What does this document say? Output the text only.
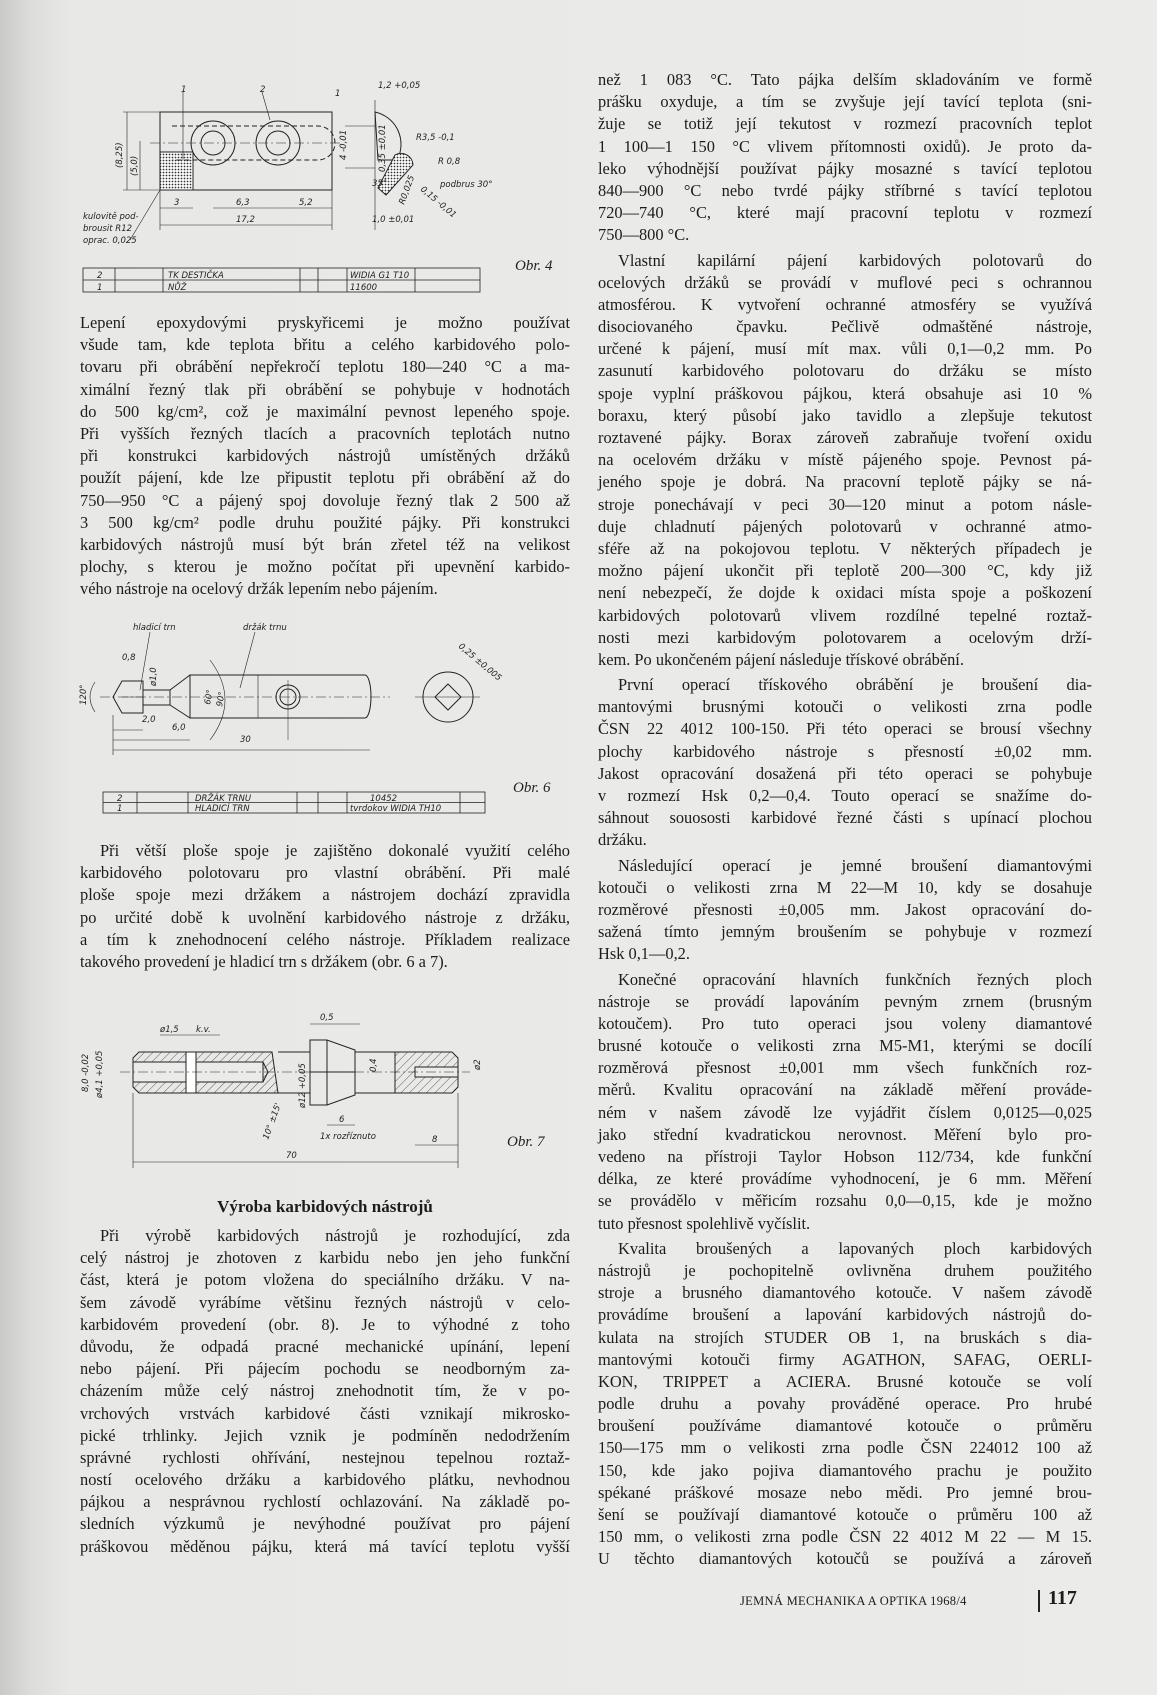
1	2	1
(8,25) (5,0)
3	6,3	5,2
17,2
kulovitě pod-
brousit R12
oprac. 0,025
1,2 +0,05
R3,5 -0,1
R 0,8
podbrus 30°
35°
1,0 ±0,01
4 -0,01	0,35 ±0,01
R0,025 0,15 -0,01
2	TK DESTIČKA	WIDIA G1 T10
1	NŮŽ	11600
Obr. 4
hladicí trn	držák trnu
0,8
ø1,0
120°
2,0
6,0
30
60° 90°
0,25 ±0,005
2	DRŽÁK TRNU	10452
1	HLADICÍ TRN	tvrdokov WIDIA TH10
Obr. 6
ø1,5 k.v.
0,5
8,0 -0,02 ø4,1 +0,05	ø12 +0,05	0,4	ø2
10° ±15'	6
1x rozříznuto	8
70
Obr. 7
Lepení epoxydovými pryskyřicemi je možno používat
všude tam, kde teplota břitu a celého karbidového polo-
tovaru při obrábění nepřekročí teplotu 180—240 °C a ma-
ximální řezný tlak při obrábění se pohybuje v hodnotách
do 500 kg/cm², což je maximální pevnost lepeného spoje.
Při vyšších řezných tlacích a pracovních teplotách nutno
při konstrukci karbidových nástrojů umístěných držáků
použít pájení, kde lze připustit teplotu při obrábění až do
750—950 °C a pájený spoj dovoluje řezný tlak 2 500 až
3 500 kg/cm² podle druhu použité pájky. Při konstrukci
karbidových nástrojů musí být brán zřetel též na velikost
plochy, s kterou je možno počítat při upevnění karbido-
vého nástroje na ocelový držák lepením nebo pájením.
Při větší ploše spoje je zajištěno dokonalé využití celého
karbidového polotovaru pro vlastní obrábění. Při malé
ploše spoje mezi držákem a nástrojem dochází zpravidla
po určité době k uvolnění karbidového nástroje z držáku,
a tím k znehodnocení celého nástroje. Příkladem realizace
takového provedení je hladicí trn s držákem (obr. 6 a 7).
Výroba karbidových nástrojů
Při výrobě karbidových nástrojů je rozhodující, zda
celý nástroj je zhotoven z karbidu nebo jen jeho funkční
část, která je potom vložena do speciálního držáku. V na-
šem závodě vyrábíme většinu řezných nástrojů v celo-
karbidovém provedení (obr. 8). Je to výhodné z toho
důvodu, že odpadá pracné mechanické upínání, lepení
nebo pájení. Při pájecím pochodu se neodborným za-
cházením může celý nástroj znehodnotit tím, že v po-
vrchových vrstvách karbidové části vznikají mikrosko-
pické trhlinky. Jejich vznik je podmíněn nedodržením
správné rychlosti ohřívání, nestejnou tepelnou roztaž-
ností ocelového držáku a karbidového plátku, nevhodnou
pájkou a nesprávnou rychlostí ochlazování. Na základě po-
sledních výzkumů je nevýhodné používat pro pájení
práškovou měděnou pájku, která má tavící teplotu vyšší
než 1 083 °C. Tato pájka delším skladováním ve formě
prášku oxyduje, a tím se zvyšuje její tavící teplota (sni-
žuje se totiž její tekutost v rozmezí pracovních teplot
1 100—1 150 °C vlivem přítomnosti oxidů). Je proto da-
leko výhodnější používat pájky mosazné s tavící teplotou
840—900 °C nebo tvrdé pájky stříbrné s tavící teplotou
720—740 °C, které mají pracovní teplotu v rozmezí
750—800 °C.
Vlastní kapilární pájení karbidových polotovarů do
ocelových držáků se provádí v muflové peci s ochrannou
atmosférou. K vytvoření ochranné atmosféry se využívá
disociovaného čpavku. Pečlivě odmaštěné nástroje,
určené k pájení, musí mít max. vůli 0,1—0,2 mm. Po
zasunutí karbidového polotovaru do držáku se místo
spoje vyplní práškovou pájkou, která obsahuje asi 10 %
boraxu, který působí jako tavidlo a zlepšuje tekutost
roztavené pájky. Borax zároveň zabraňuje tvoření oxidu
na ocelovém držáku v místě pájeného spoje. Pevnost pá-
jeného spoje je dobrá. Na pracovní teplotě pájky se ná-
stroje ponechávají v peci 30—120 minut a potom násle-
duje chladnutí pájených polotovarů v ochranné atmo-
sféře až na pokojovou teplotu. V některých případech je
možno pájení ukončit při teplotě 200—300 °C, kdy již
není nebezpečí, že dojde k oxidaci místa spoje a poškození
karbidových polotovarů vlivem rozdílné tepelné roztaž-
nosti mezi karbidovým polotovarem a ocelovým drží-
kem. Po ukončeném pájení následuje třískové obrábění.
První operací třískového obrábění je broušení dia-
mantovými brusnými kotouči o velikosti zrna podle
ČSN 22 4012 100-150. Při této operaci se brousí všechny
plochy karbidového nástroje s přesností ±0,02 mm.
Jakost opracování dosažená při této operaci se pohybuje
v rozmezí Hsk 0,2—0,4. Touto operací se snažíme do-
sáhnout souososti karbidové řezné části s upínací plochou
držáku.
Následující operací je jemné broušení diamantovými
kotouči o velikosti zrna M 22—M 10, kdy se dosahuje
rozměrové přesnosti ±0,005 mm. Jakost opracování do-
sažená tímto jemným broušením se pohybuje v rozmezí
Hsk 0,1—0,2.
Konečné opracování hlavních funkčních řezných ploch
nástroje se provádí lapováním pevným zrnem (brusným
kotoučem). Pro tuto operaci jsou voleny diamantové
brusné kotouče o velikosti zrna M5-M1, kterými se docílí
rozměrová přesnost ±0,001 mm všech funkčních roz-
měrů. Kvalitu opracování na základě měření prováde-
ném v našem závodě lze vyjádřit číslem 0,0125—0,025
jako střední kvadratickou nerovnost. Měření bylo pro-
vedeno na přístroji Taylor Hobson 112/734, kde funkční
délka, ze které provádíme vyhodnocení, je 6 mm. Měření
se provádělo v měřicím rozsahu 0,0—0,15, kde je možno
tuto přesnost spolehlivě vyčíslit.
Kvalita broušených a lapovaných ploch karbidových
nástrojů je pochopitelně ovlivněna druhem použitého
stroje a brusného diamantového kotouče. V našem závodě
provádíme broušení a lapování karbidových nástrojů do-
kulata na strojích STUDER OB 1, na bruskách s dia-
mantovými kotouči firmy AGATHON, SAFAG, OERLI-
KON, TRIPPET a ACIERA. Brusné kotouče se volí
podle druhu a povahy prováděné operace. Pro hrubé
broušení používáme diamantové kotouče o průměru
150—175 mm o velikosti zrna podle ČSN 224012 100 až
150, kde jako pojiva diamantového prachu je použito
spékané práškové mosaze nebo mědi. Pro jemné brou-
šení se používají diamantové kotouče o průměru 100 až
150 mm, o velikosti zrna podle ČSN 22 4012 M 22 — M 15.
U těchto diamantových kotoučů se používá a zároveň
JEMNÁ MECHANIKA A OPTIKA 1968/4	117
